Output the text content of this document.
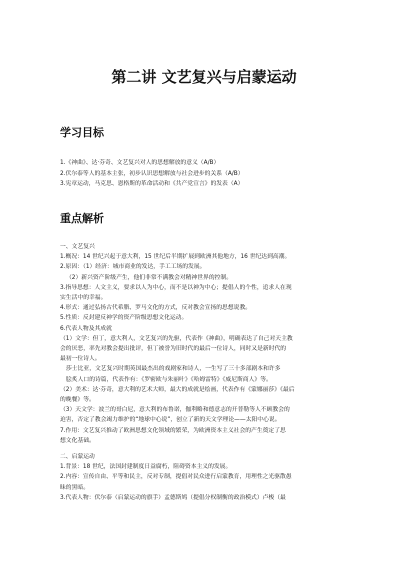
第二讲 文艺复兴与启蒙运动
学习目标
1.《神曲》、达·芬奇、文艺复兴对人的思想解放的意义（A/B）
2.伏尔泰等人的基本主张，初步认识思想解放与社会进步的关系（A/B）
3.宪章运动，马克思、恩格斯的革命活动和《共产党宣言》的发表（A）
重点解析
一、文艺复兴
1.概况：14 世纪兴起于意大利，15 世纪后半期扩展到欧洲其他地方，16 世纪达到高潮。
2.原因：（1）经济：城市商业的发达，手工工场的发展。
（2）新兴资产阶级产生，他们非常不满教会对精神世界的控制。
3.指导思想：人文主义，要求以人为中心，而不是以神为中心；提倡人的个性，追求人在现
实生活中的幸福。
4.形式：通过弘扬古代希腊、罗马文化的方式，反对教会宣扬的思想说教。
5.性质：反封建反神学的资产阶级思想文化运动。
6.代表人物及其成就
（1）文学：但丁，意大利人，文艺复兴的先驱，代表作《神曲》，明确表达了自己对天主教
会的厌恶，率先对教会提出批评，但丁被誉为旧时代的最后一位诗人，同时又是新时代的
最初一位诗人。
莎士比亚，文艺复兴时期英国最杰出的戏剧家和诗人，一生写了三十多部剧本和许多
脍炙人口的诗篇，代表作有：《罗密欧与朱丽叶》《哈姆雷特》《威尼斯商人》等。
（2）美术：达·芬奇，意大利的艺术大师，最大的成就是绘画，代表作有《蒙娜丽莎》《最后
的晚餐》等。
（3）天文学：波兰的哥白尼，意大利的布鲁诺，伽利略和德意志的开普勒等人不顾教会的
迫害，否定了教会竭力维护的“地球中心说”，创立了新的天文学理论——太阳中心说。
7.作用：文艺复兴推动了欧洲思想文化领域的繁荣，为欧洲资本主义社会的产生奠定了思
想文化基础。
二、启蒙运动
1.背景：18 世纪，法国封建制度日益腐朽，阻碍资本主义的发展。
2.内容：宣传自由、平等和民主，反对专制，提倡对民众进行启蒙教育，用理性之光驱散愚
昧的黑暗。
3.代表人物：伏尔泰（启蒙运动的旗手）孟德斯鸠（提倡分权制衡的政治模式）卢梭（最
